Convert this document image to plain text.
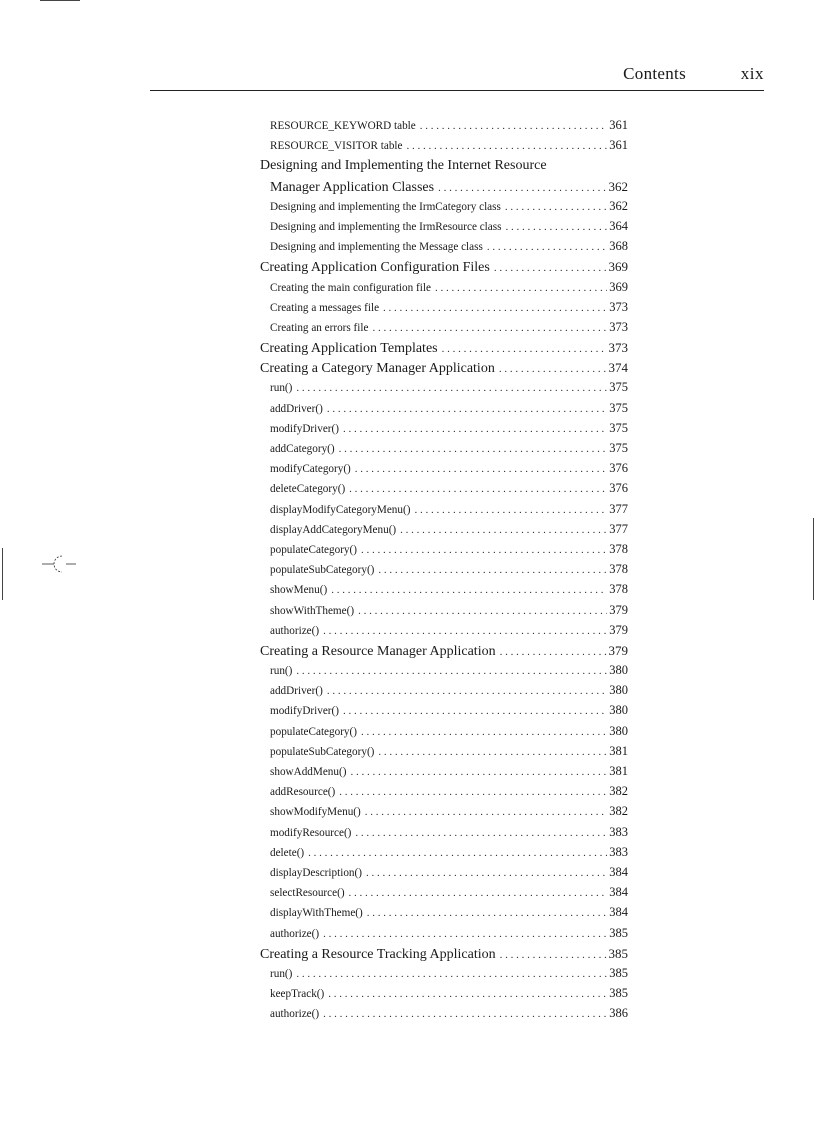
Contents	xix
RESOURCE_KEYWORD table . . .	361
RESOURCE_VISITOR table . . .	361
Designing and Implementing the Internet Resource
Manager Application Classes . . .	362
Designing and implementing the IrmCategory class . . .	362
Designing and implementing the IrmResource class . . .	364
Designing and implementing the Message class . . .	368
Creating Application Configuration Files . . .	369
Creating the main configuration file . . .	369
Creating a messages file . . .	373
Creating an errors file . . .	373
Creating Application Templates . . .	373
Creating a Category Manager Application . . .	374
run() . . .	375
addDriver() . . .	375
modifyDriver() . . .	375
addCategory() . . .	375
modifyCategory() . . .	376
deleteCategory() . . .	376
displayModifyCategoryMenu() . . .	377
displayAddCategoryMenu() . . .	377
populateCategory() . . .	378
populateSubCategory() . . .	378
showMenu() . . .	378
showWithTheme() . . .	379
authorize() . . .	379
Creating a Resource Manager Application . . .	379
run() . . .	380
addDriver() . . .	380
modifyDriver() . . .	380
populateCategory() . . .	380
populateSubCategory() . . .	381
showAddMenu() . . .	381
addResource() . . .	382
showModifyMenu() . . .	382
modifyResource() . . .	383
delete() . . .	383
displayDescription() . . .	384
selectResource() . . .	384
displayWithTheme() . . .	384
authorize() . . .	385
Creating a Resource Tracking Application . . .	385
run() . . .	385
keepTrack() . . .	385
authorize() . . .	386
